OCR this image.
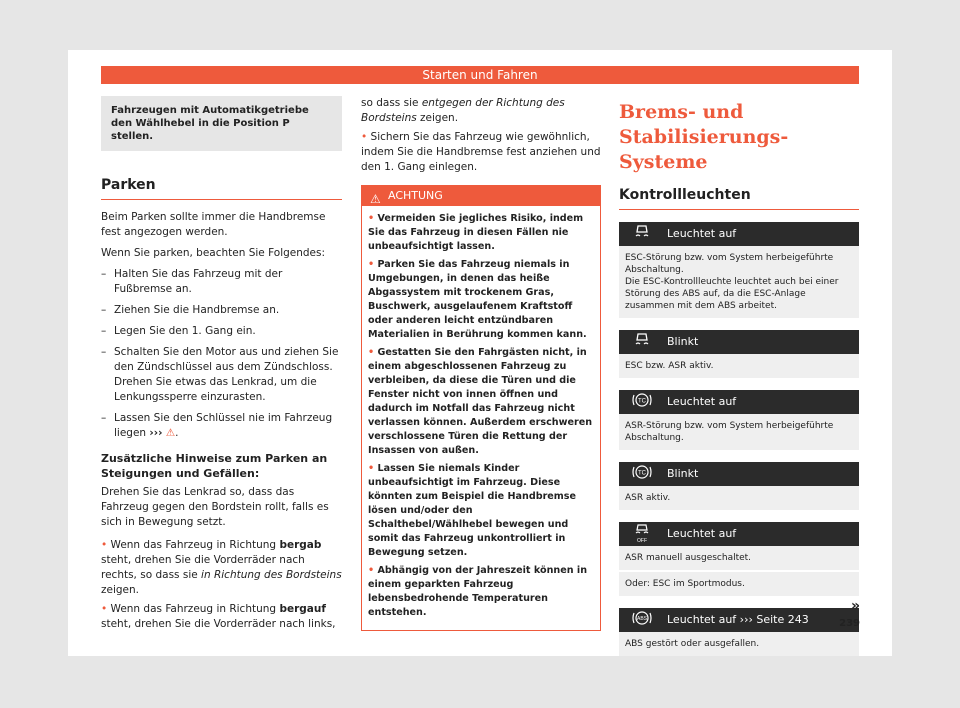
Starten und Fahren
Fahrzeugen mit Automatikgetriebe den Wählhebel in die Position P stellen.
Parken

Beim Parken sollte immer die Handbremse fest angezogen werden.

Wenn Sie parken, beachten Sie Folgendes:

– Halten Sie das Fahrzeug mit der Fußbremse an.
– Ziehen Sie die Handbremse an.
– Legen Sie den 1. Gang ein.
– Schalten Sie den Motor aus und ziehen Sie den Zündschlüssel aus dem Zündschloss. Drehen Sie etwas das Lenkrad, um die Lenkungssperre einzurasten.
– Lassen Sie den Schlüssel nie im Fahrzeug liegen ››› ⚠.
Zusätzliche Hinweise zum Parken an Steigungen und Gefällen:

Drehen Sie das Lenkrad so, dass das Fahrzeug gegen den Bordstein rollt, falls es sich in Bewegung setzt.

• Wenn das Fahrzeug in Richtung bergab steht, drehen Sie die Vorderräder nach rechts, so dass sie in Richtung des Bordsteins zeigen.

• Wenn das Fahrzeug in Richtung bergauf steht, drehen Sie die Vorderräder nach links,

so dass sie entgegen der Richtung des Bordsteins zeigen.

• Sichern Sie das Fahrzeug wie gewöhnlich, indem Sie die Handbremse fest anziehen und den 1. Gang einlegen.

⚠ ACHTUNG
• Vermeiden Sie jegliches Risiko, indem Sie das Fahrzeug in diesen Fällen nie unbeaufsichtigt lassen.
• Parken Sie das Fahrzeug niemals in Umgebungen, in denen das heiße Abgassystem mit trockenem Gras, Buschwerk, ausgelaufenem Kraftstoff oder anderen leicht entzündbaren Materialien in Berührung kommen kann.
• Gestatten Sie den Fahrgästen nicht, in einem abgeschlossenen Fahrzeug zu verbleiben, da diese die Türen und die Fenster nicht von innen öffnen und dadurch im Notfall das Fahrzeug nicht verlassen können. Außerdem erschweren verschlossene Türen die Rettung der Insassen von außen.
• Lassen Sie niemals Kinder unbeaufsichtigt im Fahrzeug. Diese könnten zum Beispiel die Handbremse lösen und/oder den Schalthebel/Wählhebel bewegen und somit das Fahrzeug unkontrolliert in Bewegung setzen.
• Abhängig von der Jahreszeit können in einem geparkten Fahrzeug lebensbedrohende Temperaturen entstehen.
Brems- und Stabilisierungs-Systeme
Kontrollleuchten
Leuchtet auf
ESC-Störung bzw. vom System herbeigeführte Abschaltung.
Die ESC-Kontrollleuchte leuchtet auch bei einer Störung des ABS auf, da die ESC-Anlage zusammen mit dem ABS arbeitet.
Blinkt
ESC bzw. ASR aktiv.
TC Leuchtet auf
ASR-Störung bzw. vom System herbeigeführte Abschaltung.
TC Blinkt
ASR aktiv.
OFF
Leuchtet auf
ASR manuell ausgeschaltet.
Oder: ESC im Sportmodus.
ABS Leuchtet auf ››› Seite 243
ABS gestört oder ausgefallen.
»
239
